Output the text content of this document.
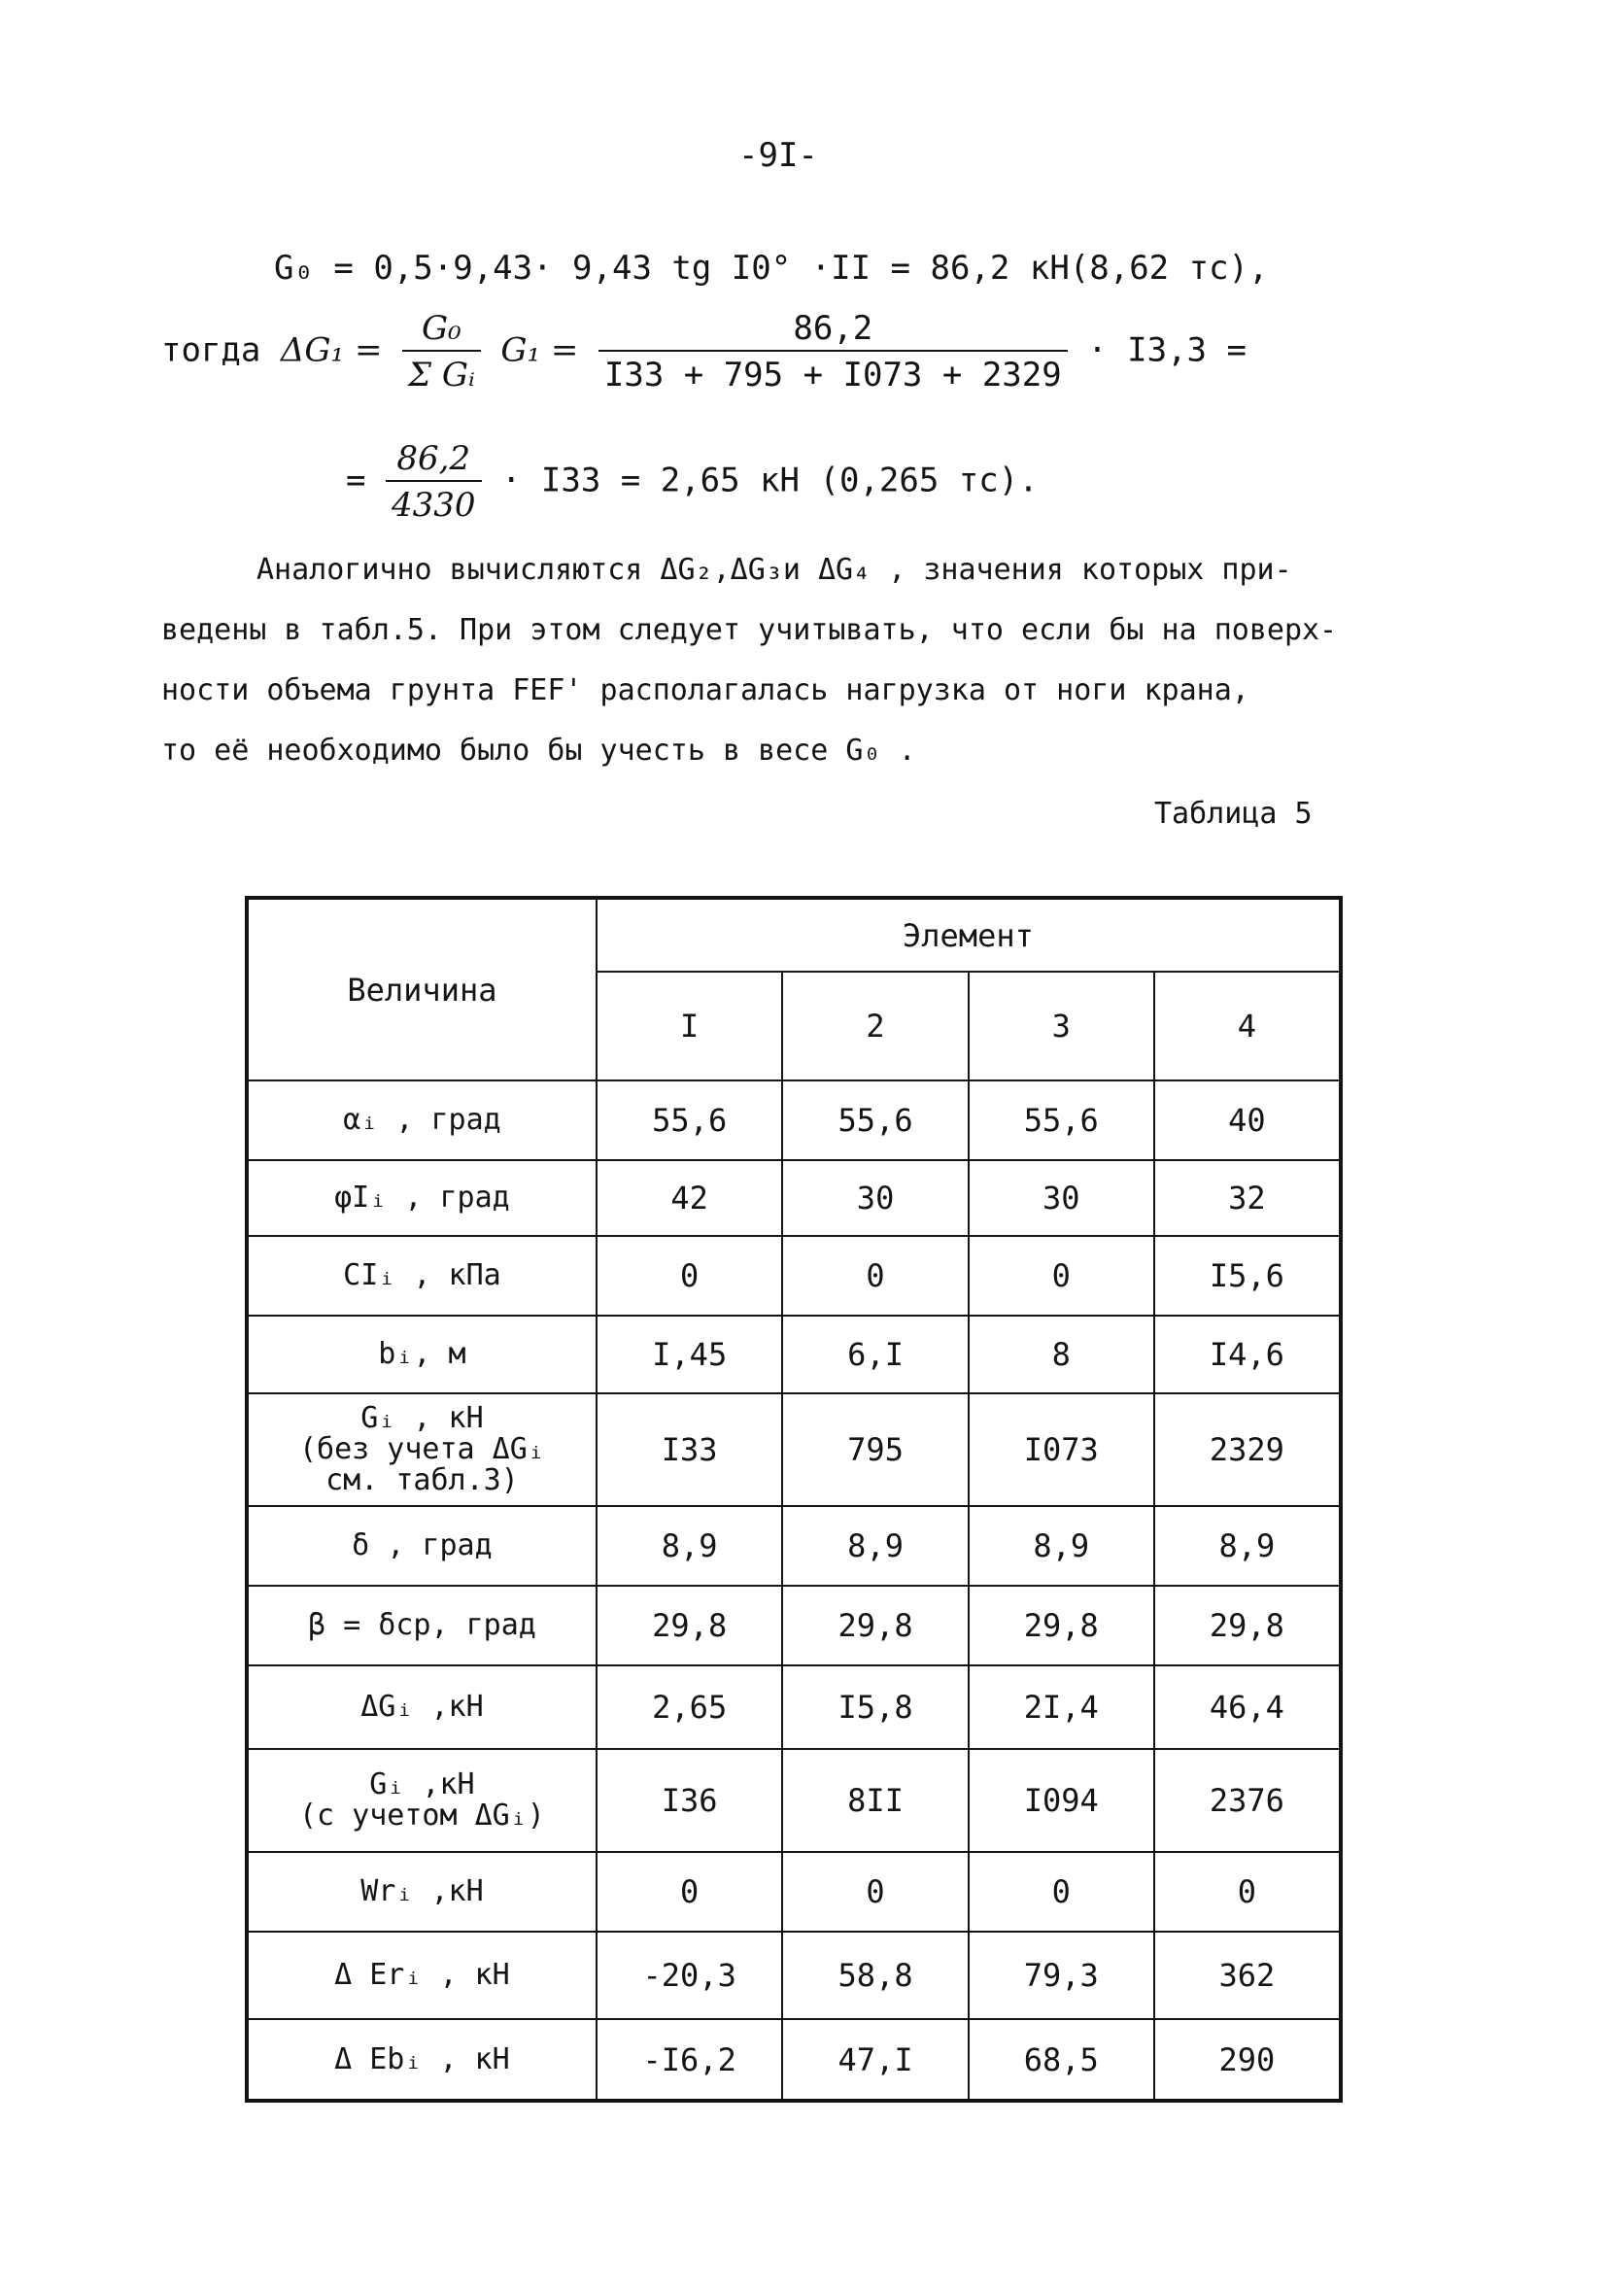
-9I-
G₀ = 0,5·9,43· 9,43 tg I0° ·II = 86,2 кН(8,62 тс),
тогда $\Delta G_1 = \frac{\text{G₀}}{\text{Σ Gᵢ}} G_1 = \frac{86,2}{I33 + 795 + I073 + 2329} \cdot I3,3$ =
= $\frac{86,2}{4330} \cdot I33 = 2,65$ кН (0,265 тс).
Аналогично вычисляются ΔG₂,ΔG₃и ΔG₄ , значения которых при-
ведены в табл.5. При этом следует учитывать, что если бы на поверх-
ности объема грунта FEF' располагалась нагрузка от ноги крана,
то её необходимо было бы учесть в весе G₀ .
Таблица 5
Величина	Элемент			
	I	2	3	4
αᵢ , град	55,6	55,6	55,6	40
φIᵢ , град	42	30	30	32
CIᵢ , кПа	0	0	0	I5,6
bᵢ, м	I,45	6,I	8	I4,6
Gᵢ , кН
(без учета ΔGᵢ
см. табл.3)	I33	795	I073	2329
δ , град	8,9	8,9	8,9	8,9
β = δср, град	29,8	29,8	29,8	29,8
ΔGᵢ ,кН	2,65	I5,8	2I,4	46,4
Gᵢ ,кН
(с учетом ΔGᵢ)	I36	8II	I094	2376
Wrᵢ ,кН	0	0	0	0
Δ Erᵢ , кН	-20,3	58,8	79,3	362
Δ Ebᵢ , кН	-I6,2	47,I	68,5	290
